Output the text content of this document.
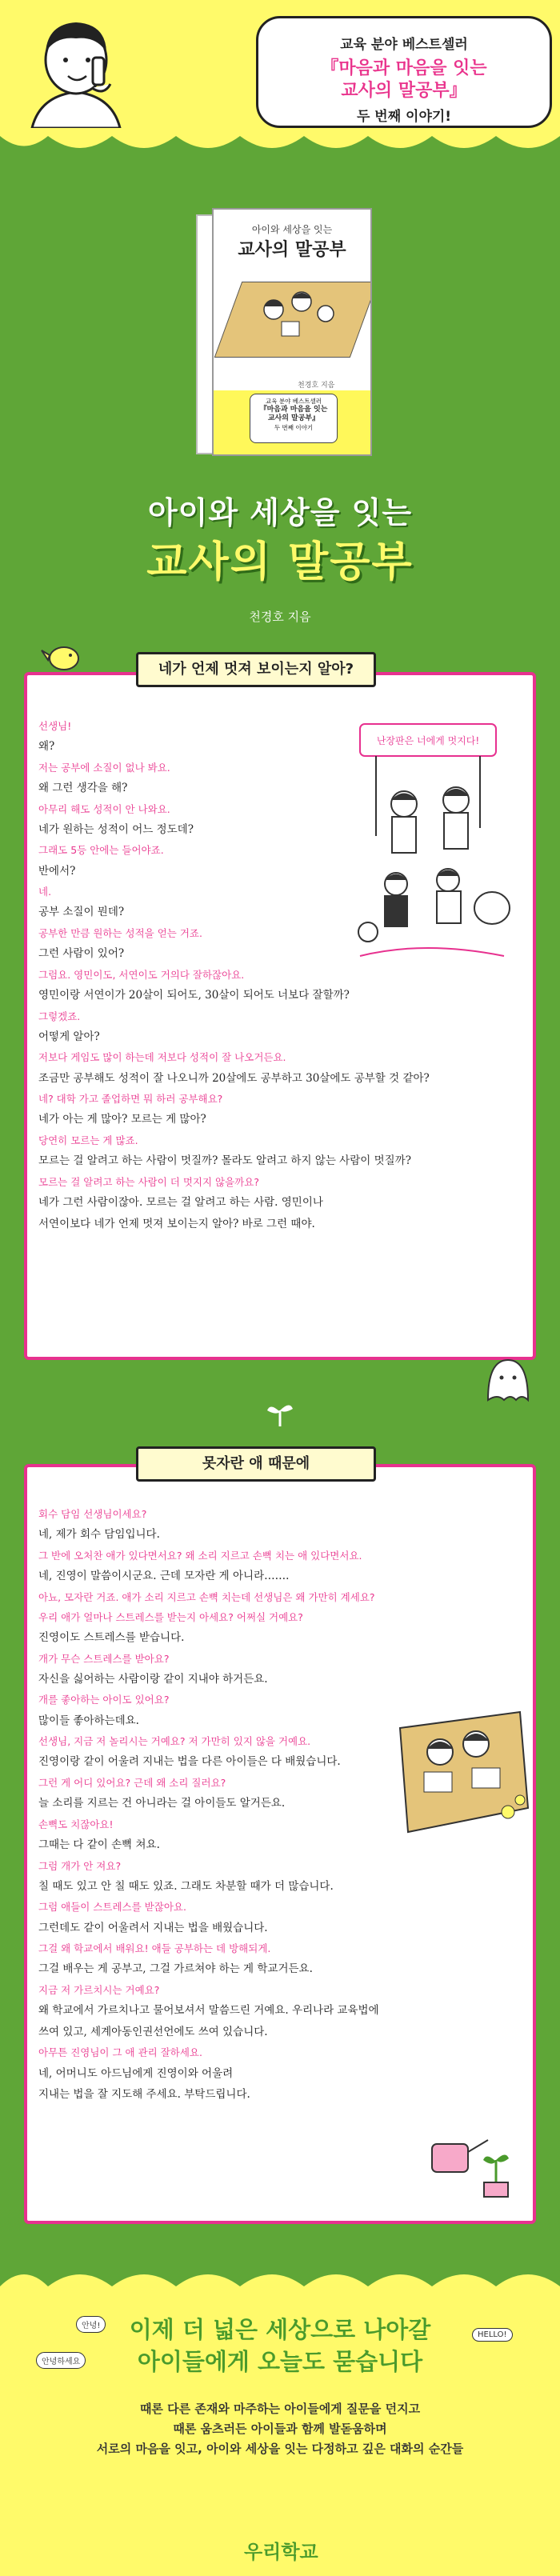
교육 분야 베스트셀러
『마음과 마음을 잇는
교사의 말공부』
두 번째 이야기!
아이와 세상을 잇는
교사의 말공부
천경호 지음
교육 분야 베스트셀러
『마음과 마음을 잇는
교사의 말공부』
두 번째 이야기
아이와 세상을 잇는
교사의 말공부
천경호 지음
네가 언제 멋져 보이는지 알아?
선생님!
왜?
저는 공부에 소질이 없나 봐요.
왜 그런 생각을 해?
아무리 해도 성적이 안 나와요.
네가 원하는 성적이 어느 정도데?
그래도 5등 안에는 들어야죠.
반에서?
네.
공부 소질이 뭔데?
공부한 만큼 원하는 성적을 얻는 거죠.
그런 사람이 있어?
그럼요. 영민이도, 서연이도 거의다 잘하잖아요.
영민이랑 서연이가 20살이 되어도, 30살이 되어도 너보다 잘할까?
그렇겠죠.
어떻게 알아?
저보다 게임도 많이 하는데 저보다 성적이 잘 나오거든요.
조금만 공부해도 성적이 잘 나오니까 20살에도 공부하고 30살에도 공부할 것 같아?
네? 대학 가고 졸업하면 뭐 하러 공부해요?
네가 아는 게 많아? 모르는 게 많아?
당연히 모르는 게 많죠.
모르는 걸 알려고 하는 사람이 멋질까? 몰라도 알려고 하지 않는 사람이 멋질까?
모르는 걸 알려고 하는 사람이 더 멋지지 않을까요?
네가 그런 사람이잖아. 모르는 걸 알려고 하는 사람. 영민이나
서연이보다 네가 언제 멋져 보이는지 알아? 바로 그런 때야.
난장판은 너에게 멋지다!
못자란 애 때문에
회수 담임 선생님이세요?
네, 제가 회수 담임입니다.
그 반에 오처찬 애가 있다면서요? 왜 소리 지르고 손뼉 치는 애 있다면서요.
네, 진영이 말씀이시군요. 근데 모자란 게 아니라…….
아뇨, 모자란 거죠. 애가 소리 지르고 손뼉 치는데 선생님은 왜 가만히 계세요?
우리 애가 얼마나 스트레스를 받는지 아세요? 어쩌실 거예요?
진영이도 스트레스를 받습니다.
개가 무슨 스트레스를 받아요?
자신을 싫어하는 사람이랑 같이 지내야 하거든요.
개를 좋아하는 아이도 있어요?
많이들 좋아하는데요.
선생님, 지금 저 놀리시는 거예요? 저 가만히 있지 않을 거예요.
진영이랑 같이 어울려 지내는 법을 다른 아이들은 다 배웠습니다.
그런 게 어디 있어요? 근데 왜 소리 질러요?
늘 소리를 지르는 건 아니라는 걸 아이들도 알거든요.
손뼉도 치잖아요!
그때는 다 같이 손뼉 쳐요.
그럼 개가 안 져요?
칠 때도 있고 안 칠 때도 있죠. 그래도 차분할 때가 더 많습니다.
그럼 애들이 스트레스를 받잖아요.
그런데도 같이 어울려서 지내는 법을 배웠습니다.
그걸 왜 학교에서 배워요! 애들 공부하는 데 방해되게.
그걸 배우는 게 공부고, 그걸 가르쳐야 하는 게 학교거든요.
지금 저 가르치시는 거예요?
왜 학교에서 가르치나고 물어보셔서 말씀드린 거예요. 우리나라 교육법에
쓰여 있고, 세계아동인권선언에도 쓰여 있습니다.
아무튼 진영님이 그 애 관리 잘하세요.
네, 어머니도 아드님에게 진영이와 어울려
지내는 법을 잘 지도해 주세요. 부탁드립니다.
안녕!
안녕하세요
HELLO!
이제 더 넓은 세상으로 나아갈
아이들에게 오늘도 묻습니다
때론 다른 존재와 마주하는 아이들에게 질문을 던지고
때론 움츠러든 아이들과 함께 발돋움하며
서로의 마음을 잇고, 아이와 세상을 잇는 다정하고 깊은 대화의 순간들
우리학교
